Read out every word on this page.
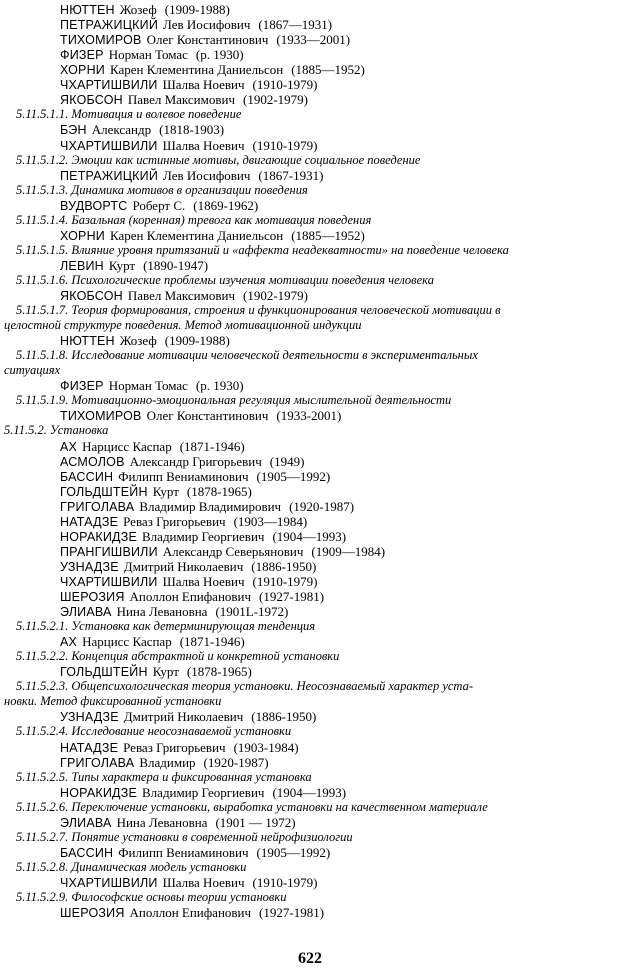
НЮТТЕН Жозеф (1909-1988)
ПЕТРАЖИЦКИЙ Лев Иосифович (1867—1931)
ТИХОМИРОВ Олег Константинович (1933—2001)
ФИЗЕР Норман Томас (р. 1930)
ХОРНИ Карен Клементина Даниельсон (1885—1952)
ЧХАРТИШВИЛИ Шалва Ноевич (1910-1979)
ЯКОБСОН Павел Максимович (1902-1979)
5.11.5.1.1. Мотивация и волевое поведение
БЭН Александр (1818-1903)
ЧХАРТИШВИЛИ Шалва Ноевич (1910-1979)
5.11.5.1.2. Эмоции как истинные мотивы, двигающие социальное поведение
ПЕТРАЖИЦКИЙ Лев Иосифович (1867-1931)
5.11.5.1.3. Динамика мотивов в организации поведения
ВУДВОРТС Роберт С. (1869-1962)
5.11.5.1.4. Базальная (коренная) тревога как мотивация поведения
ХОРНИ Карен Клементина Даниельсон (1885—1952)
5.11.5.1.5. Влияние уровня притязаний и «аффекта неадекватности» на поведение человека
ЛЕВИН Курт (1890-1947)
5.11.5.1.6. Психологические проблемы изучения мотивации поведения человека
ЯКОБСОН Павел Максимович (1902-1979)
5.11.5.1.7. Теория формирования, строения и функционирования человеческой мотивации в
целостной структуре поведения. Метод мотивационной индукции
НЮТТЕН Жозеф (1909-1988)
5.11.5.1.8. Исследование мотивации человеческой деятельности в экспериментальных
ситуациях
ФИЗЕР Норман Томас (р. 1930)
5.11.5.1.9. Мотивационно-эмоциональная регуляция мыслительной деятельности
ТИХОМИРОВ Олег Константинович (1933-2001)
5.11.5.2. Установка
АХ Нарцисс Каспар (1871-1946)
АСМОЛОВ Александр Григорьевич (1949)
БАССИН Филипп Вениаминович (1905—1992)
ГОЛЬДШТЕЙН Курт (1878-1965)
ГРИГОЛАВА Владимир Владимирович (1920-1987)
НАТАДЗЕ Реваз Григорьевич (1903—1984)
НОРАКИДЗЕ Владимир Георгиевич (1904—1993)
ПРАНГИШВИЛИ Александр Северьянович (1909—1984)
УЗНАДЗЕ Дмитрий Николаевич (1886-1950)
ЧХАРТИШВИЛИ Шалва Ноевич (1910-1979)
ШЕРОЗИЯ Аполлон Епифанович (1927-1981)
ЭЛИАВА Нина Левановна (1901L-1972)
5.11.5.2.1. Установка как детерминирующая тенденция
АХ Нарцисс Каспар (1871-1946)
5.11.5.2.2. Концепция абстрактной и конкретной установки
ГОЛЬДШТЕЙН Курт (1878-1965)
5.11.5.2.3. Общепсихологическая теория установки. Неосознаваемый характер уста-
новки. Метод фиксированной установки
УЗНАДЗЕ Дмитрий Николаевич (1886-1950)
5.11.5.2.4. Исследование неосознаваемой установки
НАТАДЗЕ Реваз Григорьевич (1903-1984)
ГРИГОЛАВА Владимир (1920-1987)
5.11.5.2.5. Типы характера и фиксированная установка
НОРАКИДЗЕ Владимир Георгиевич (1904—1993)
5.11.5.2.6. Переключение установки, выработка установки на качественном материале
ЭЛИАВА Нина Левановна (1901 — 1972)
5.11.5.2.7. Понятие установки в современной нейрофизиологии
БАССИН Филипп Вениаминович (1905—1992)
5.11.5.2.8. Динамическая модель установки
ЧХАРТИШВИЛИ Шалва Ноевич (1910-1979)
5.11.5.2.9. Философские основы теории установки
ШЕРОЗИЯ Аполлон Епифанович (1927-1981)
622
